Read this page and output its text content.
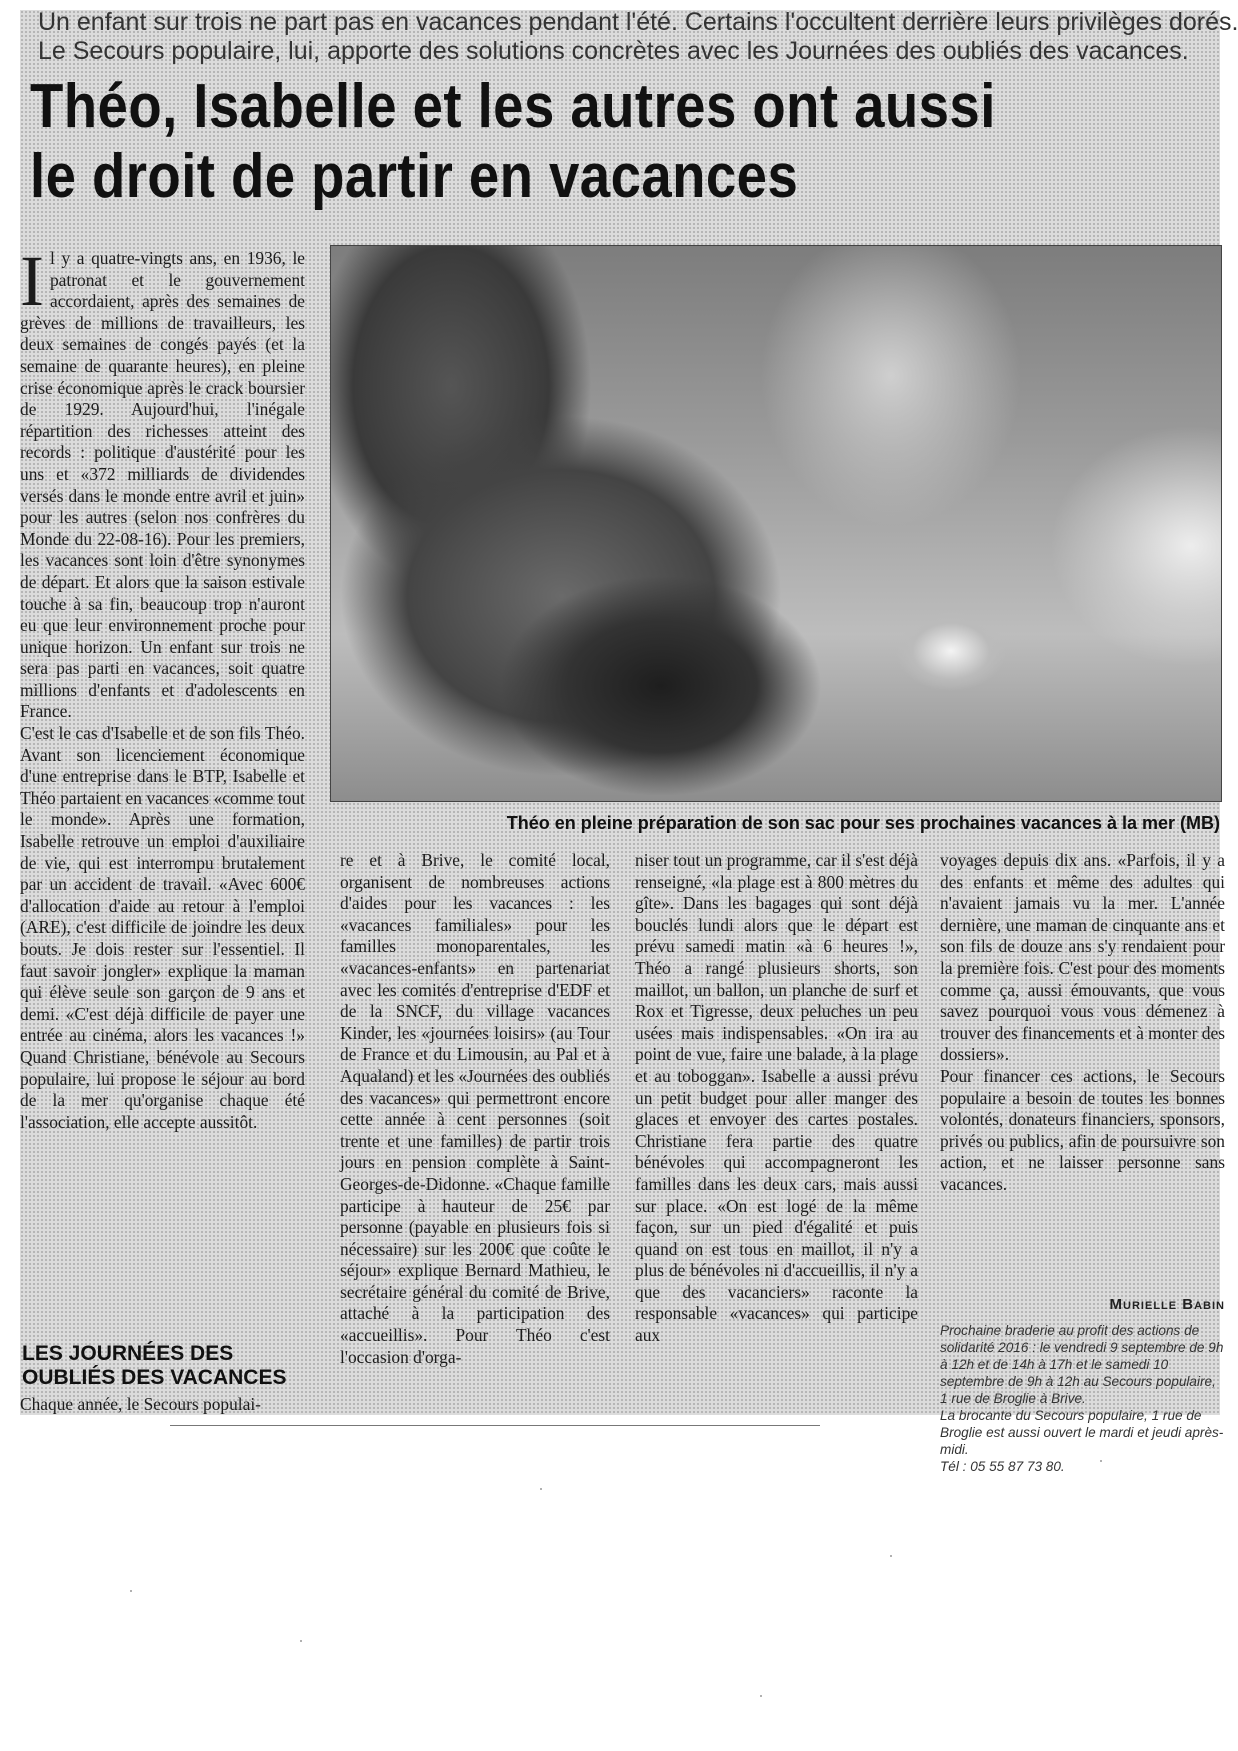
Un enfant sur trois ne part pas en vacances pendant l'été. Certains l'occultent derrière leurs privilèges dorés.
Le Secours populaire, lui, apporte des solutions concrètes avec les Journées des oubliés des vacances.
Théo, Isabelle et les autres ont aussi
le droit de partir en vacances
Il y a quatre-vingts ans, en 1936, le patronat et le gouvernement accordaient, après des semaines de grèves de millions de travailleurs, les deux semaines de congés payés (et la semaine de quarante heures), en pleine crise économique après le crack boursier de 1929. Aujourd'hui, l'inégale répartition des richesses atteint des records : politique d'austérité pour les uns et «372 milliards de dividendes versés dans le monde entre avril et juin» pour les autres (selon nos confrères du Monde du 22-08-16). Pour les premiers, les vacances sont loin d'être synonymes de départ. Et alors que la saison estivale touche à sa fin, beaucoup trop n'auront eu que leur environnement proche pour unique horizon. Un enfant sur trois ne sera pas parti en vacances, soit quatre millions d'enfants et d'adolescents en France.
C'est le cas d'Isabelle et de son fils Théo. Avant son licenciement économique d'une entreprise dans le BTP, Isabelle et Théo partaient en vacances «comme tout le monde». Après une formation, Isabelle retrouve un emploi d'auxiliaire de vie, qui est interrompu brutalement par un accident de travail. «Avec 600€ d'allocation d'aide au retour à l'emploi (ARE), c'est difficile de joindre les deux bouts. Je dois rester sur l'essentiel. Il faut savoir jongler» explique la maman qui élève seule son garçon de 9 ans et demi. «C'est déjà difficile de payer une entrée au cinéma, alors les vacances !» Quand Christiane, bénévole au Secours populaire, lui propose le séjour au bord de la mer qu'organise chaque été l'association, elle accepte aussitôt.
Théo en pleine préparation de son sac pour ses prochaines vacances à la mer (MB)
LES JOURNÉES DES
OUBLIÉS DES VACANCES
Chaque année, le Secours populai-
re et à Brive, le comité local, organisent de nombreuses actions d'aides pour les vacances : les «vacances familiales» pour les familles monoparentales, les «vacances-enfants» en partenariat avec les comités d'entreprise d'EDF et de la SNCF, du village vacances Kinder, les «journées loisirs» (au Tour de France et du Limousin, au Pal et à Aqualand) et les «Journées des oubliés des vacances» qui permettront encore cette année à cent personnes (soit trente et une familles) de partir trois jours en pension complète à Saint-Georges-de-Didonne. «Chaque famille participe à hauteur de 25€ par personne (payable en plusieurs fois si nécessaire) sur les 200€ que coûte le séjour» explique Bernard Mathieu, le secrétaire général du comité de Brive, attaché à la participation des «accueillis». Pour Théo c'est l'occasion d'orga-
niser tout un programme, car il s'est déjà renseigné, «la plage est à 800 mètres du gîte». Dans les bagages qui sont déjà bouclés lundi alors que le départ est prévu samedi matin «à 6 heures !», Théo a rangé plusieurs shorts, son maillot, un ballon, un planche de surf et Rox et Tigresse, deux peluches un peu usées mais indispensables. «On ira au point de vue, faire une balade, à la plage et au toboggan». Isabelle a aussi prévu un petit budget pour aller manger des glaces et envoyer des cartes postales. Christiane fera partie des quatre bénévoles qui accompagneront les familles dans les deux cars, mais aussi sur place. «On est logé de la même façon, sur un pied d'égalité et puis quand on est tous en maillot, il n'y a plus de bénévoles ni d'accueillis, il n'y a que des vacanciers» raconte la responsable «vacances» qui participe aux
voyages depuis dix ans. «Parfois, il y a des enfants et même des adultes qui n'avaient jamais vu la mer. L'année dernière, une maman de cinquante ans et son fils de douze ans s'y rendaient pour la première fois. C'est pour des moments comme ça, aussi émouvants, que vous savez pourquoi vous vous démenez à trouver des financements et à monter des dossiers».
Pour financer ces actions, le Secours populaire a besoin de toutes les bonnes volontés, donateurs financiers, sponsors, privés ou publics, afin de poursuivre son action, et ne laisser personne sans vacances.
Murielle Babin
Prochaine braderie au profit des actions de solidarité 2016 : le vendredi 9 septembre de 9h à 12h et de 14h à 17h et le samedi 10 septembre de 9h à 12h au Secours populaire, 1 rue de Broglie à Brive.
La brocante du Secours populaire, 1 rue de Broglie est aussi ouvert le mardi et jeudi après-midi.
Tél : 05 55 87 73 80.
